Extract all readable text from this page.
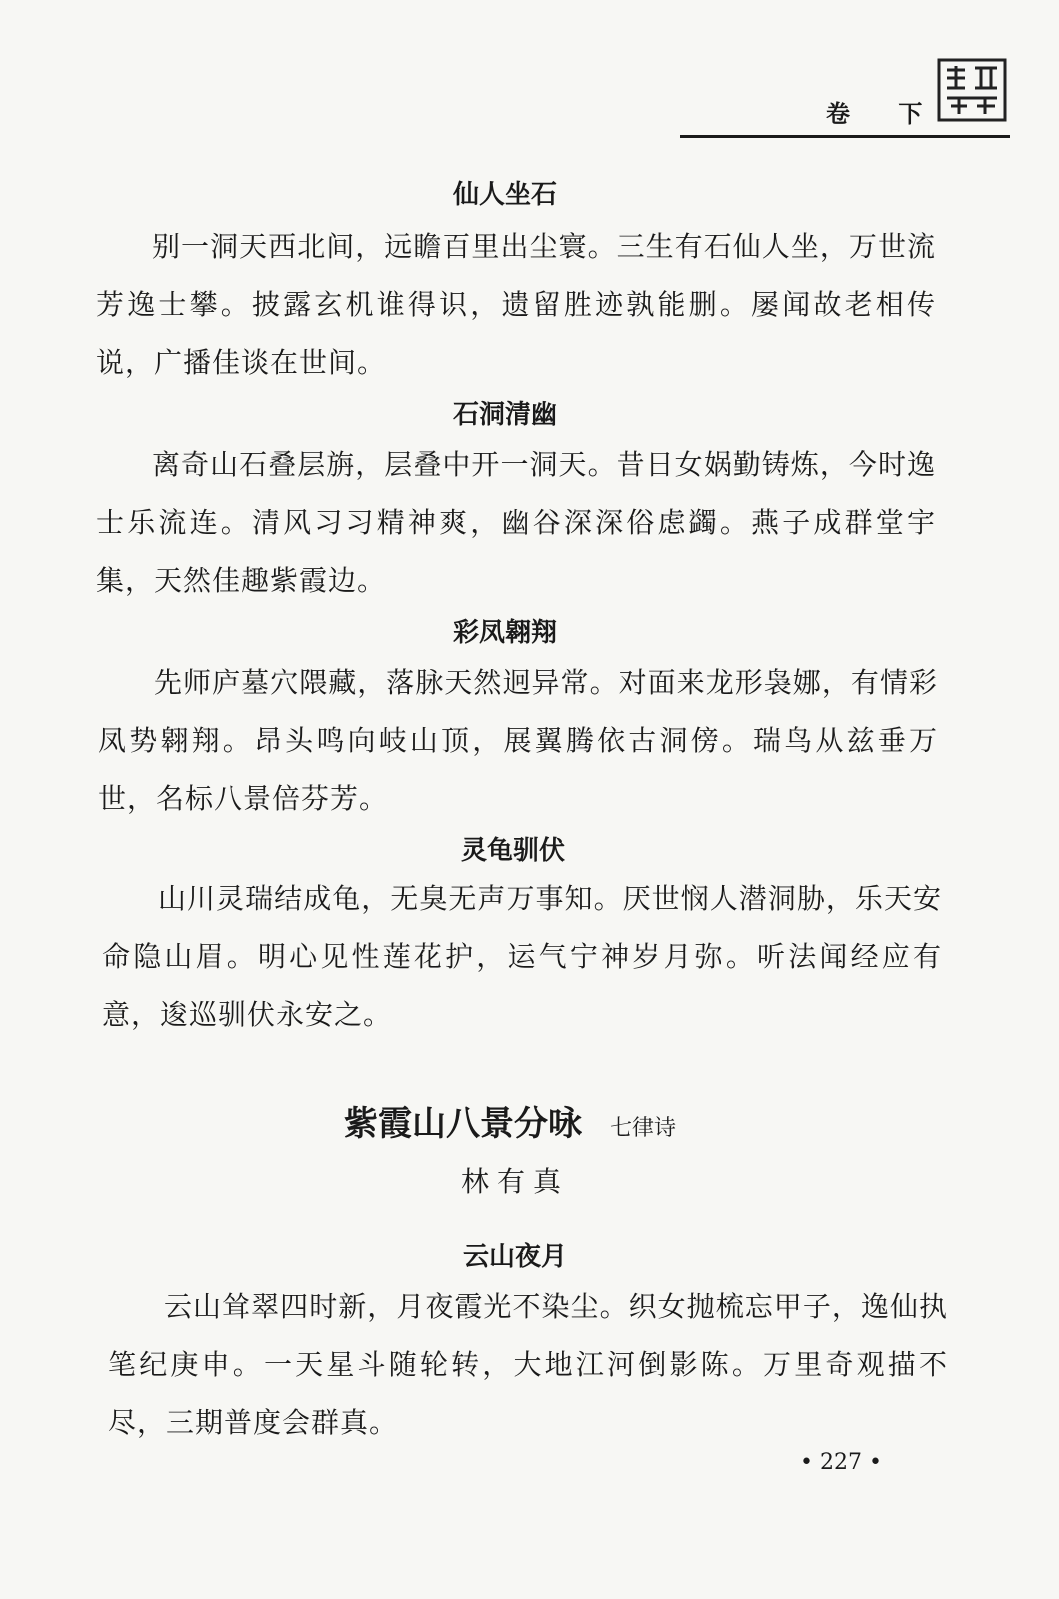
卷 下
仙人坐石

别一洞天西北间，远瞻百里出尘寰。三生有石仙人坐，万世流芳逸士攀。披露玄机谁得识，遗留胜迹孰能删。屡闻故老相传说，广播佳谈在世间。

石洞清幽

离奇山石叠层旃，层叠中开一洞天。昔日女娲勤铸炼，今时逸士乐流连。清风习习精神爽，幽谷深深俗虑蠲。燕子成群堂宇集，天然佳趣紫霞边。

彩凤翱翔

先师庐墓穴隈藏，落脉天然迥异常。对面来龙形袅娜，有情彩凤势翱翔。昂头鸣向岐山顶，展翼腾依古洞傍。瑞鸟从兹垂万世，名标八景倍芬芳。

灵龟驯伏

山川灵瑞结成龟，无臭无声万事知。厌世悯人潜洞胁，乐天安命隐山眉。明心见性莲花护，运气宁神岁月弥。听法闻经应有意，逡巡驯伏永安之。

紫霞山八景分咏 七律诗
林有真
云山夜月

云山耸翠四时新，月夜霞光不染尘。织女抛梳忘甲子，逸仙执笔纪庚申。一天星斗随轮转，大地江河倒影陈。万里奇观描不尽，三期普度会群真。

• 227 •
